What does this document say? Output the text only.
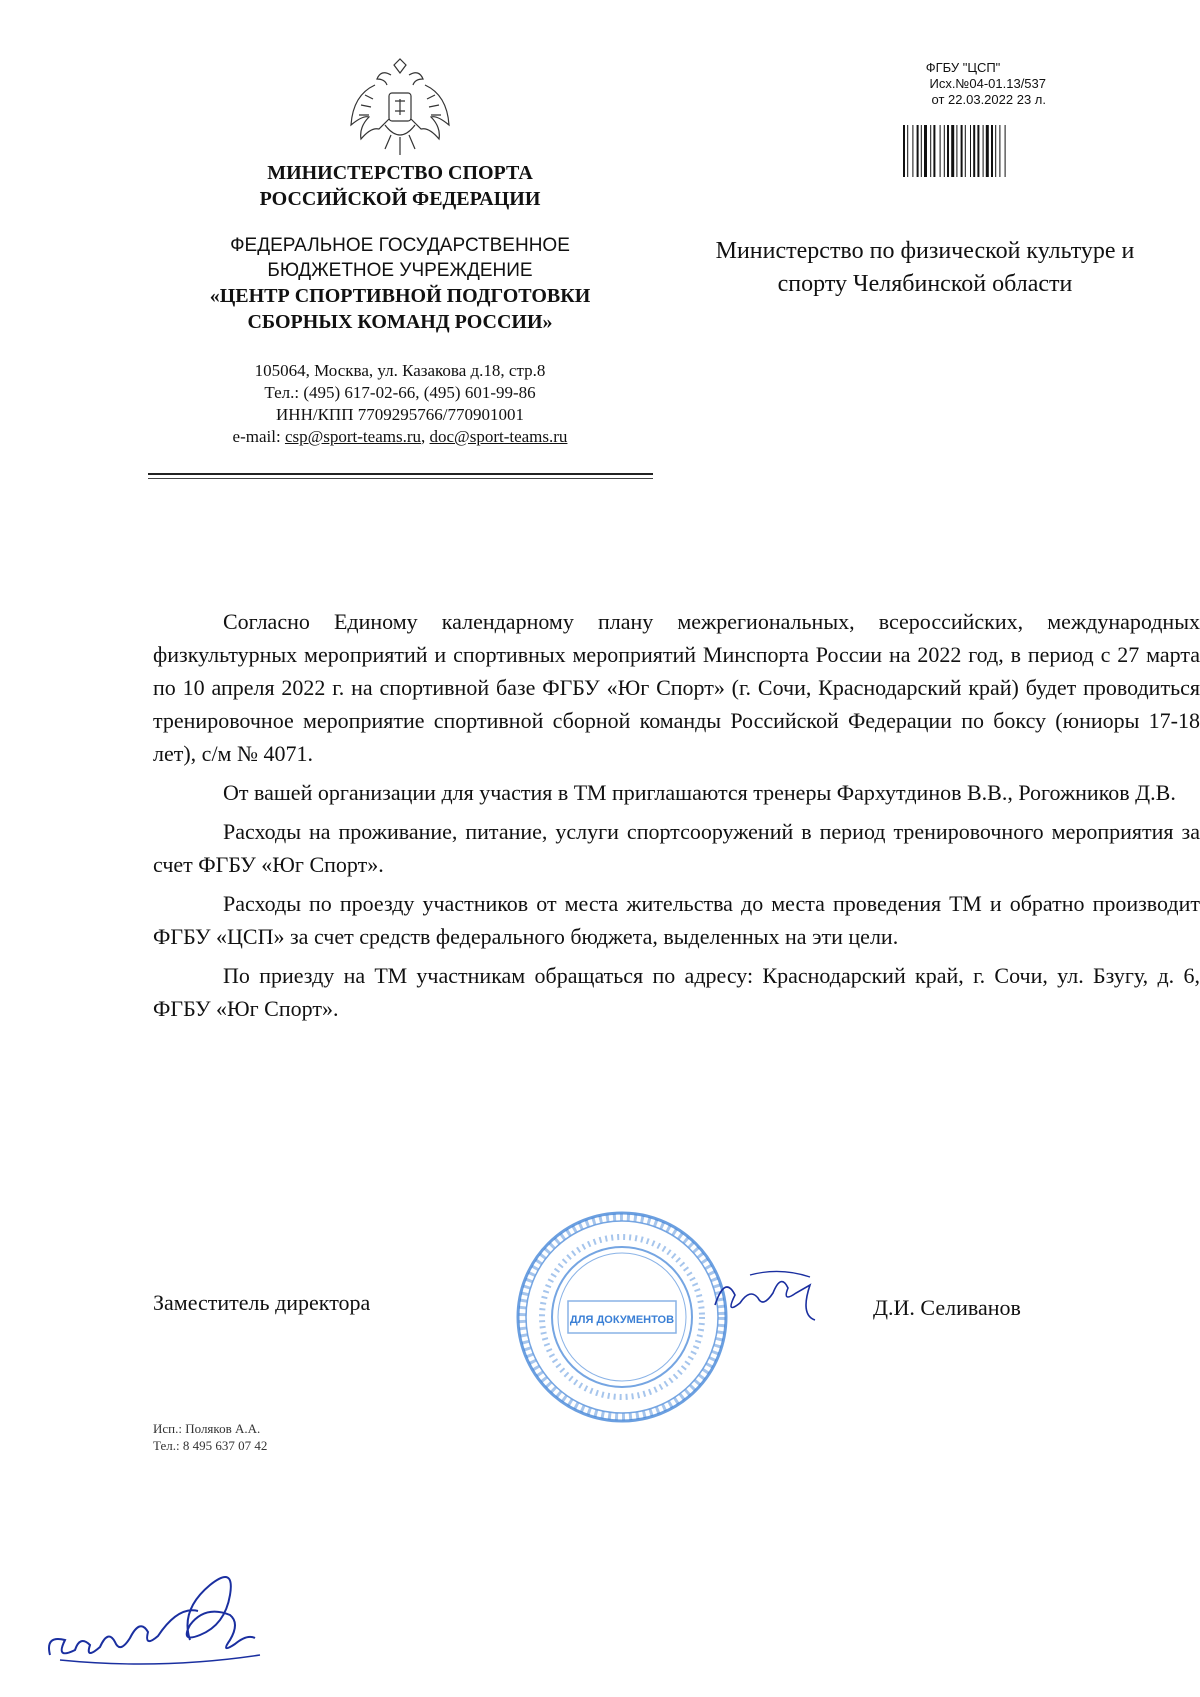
МИНИСТЕРСТВО СПОРТА
РОССИЙСКОЙ ФЕДЕРАЦИИ
ФЕДЕРАЛЬНОЕ ГОСУДАРСТВЕННОЕ
БЮДЖЕТНОЕ УЧРЕЖДЕНИЕ
«ЦЕНТР СПОРТИВНОЙ ПОДГОТОВКИ
СБОРНЫХ КОМАНД РОССИИ»
105064, Москва, ул. Казакова д.18, стр.8
Тел.: (495) 617-02-66, (495) 601-99-86
ИНН/КПП 7709295766/770901001
e-mail: csp@sport-teams.ru, doc@sport-teams.ru
ФГБУ "ЦСП"
Исх.№04-01.13/537
от 22.03.2022 23 л.
Министерство по физической культуре и
спорту Челябинской области

Согласно Единому календарному плану межрегиональных, всероссийских, международных физкультурных мероприятий и спортивных мероприятий Минспорта России на 2022 год, в период с 27 марта по 10 апреля 2022 г. на спортивной базе ФГБУ «Юг Спорт» (г. Сочи, Краснодарский край) будет проводиться тренировочное мероприятие спортивной сборной команды Российской Федерации по боксу (юниоры 17-18 лет), с/м № 4071.

От вашей организации для участия в ТМ приглашаются тренеры Фархутдинов В.В., Рогожников Д.В.

Расходы на проживание, питание, услуги спортсооружений в период тренировочного мероприятия за счет ФГБУ «Юг Спорт».

Расходы по проезду участников от места жительства до места проведения ТМ и обратно производит ФГБУ «ЦСП» за счет средств федерального бюджета, выделенных на эти цели.

По приезду на ТМ участникам обращаться по адресу: Краснодарский край, г. Сочи, ул. Бзугу, д. 6, ФГБУ «Юг Спорт».

ДЛЯ ДОКУМЕНТОВ
Заместитель директора	Д.И. Селиванов
Исп.: Поляков А.А.
Тел.: 8 495 637 07 42
